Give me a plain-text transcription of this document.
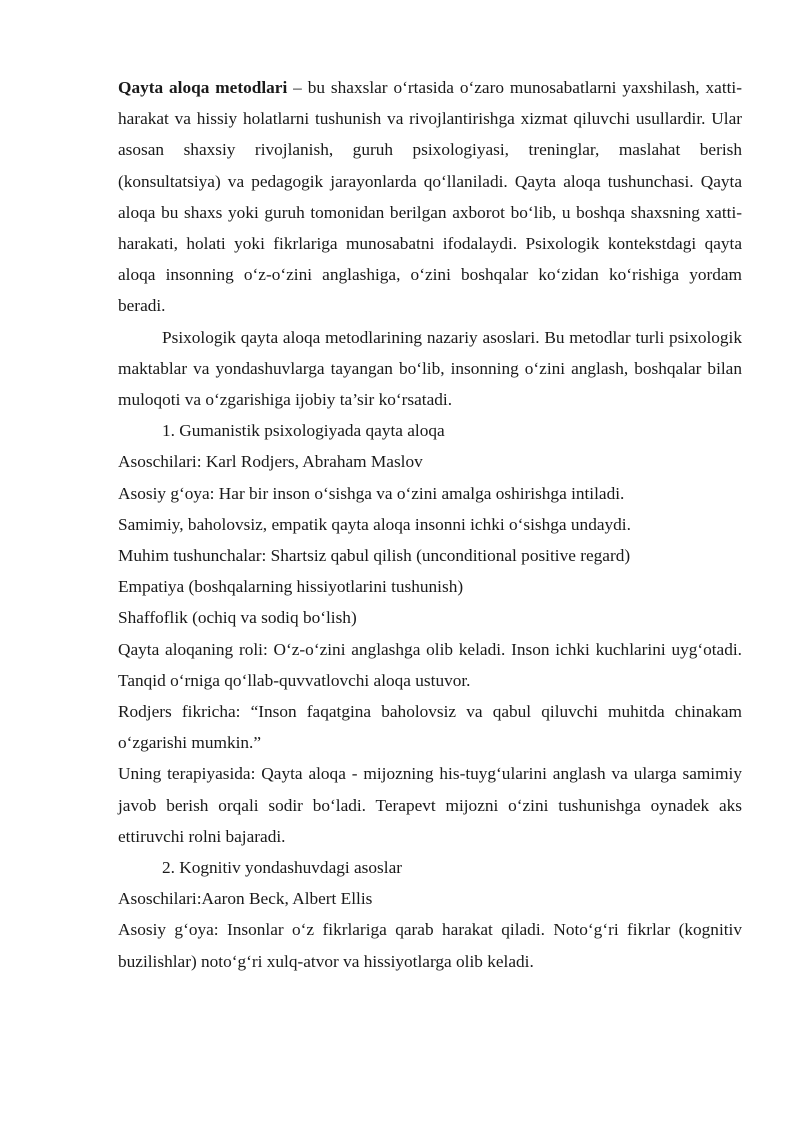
Qayta aloqa metodlari – bu shaxslar o‘rtasida o‘zaro munosabatlarni yaxshilash, xatti-harakat va hissiy holatlarni tushunish va rivojlantirishga xizmat qiluvchi usullardir. Ular asosan shaxsiy rivojlanish, guruh psixologiyasi, treninglar, maslahat berish (konsultatsiya) va pedagogik jarayonlarda qo‘llaniladi. Qayta aloqa tushunchasi. Qayta aloqa bu shaxs yoki guruh tomonidan berilgan axborot bo‘lib, u boshqa shaxsning xatti-harakati, holati yoki fikrlariga munosabatni ifodalaydi. Psixologik kontekstdagi qayta aloqa insonning o‘z-o‘zini anglashiga, o‘zini boshqalar ko‘zidan ko‘rishiga yordam beradi.

Psixologik qayta aloqa metodlarining nazariy asoslari. Bu metodlar turli psixologik maktablar va yondashuvlarga tayangan bo‘lib, insonning o‘zini anglash, boshqalar bilan muloqoti va o‘zgarishiga ijobiy ta’sir ko‘rsatadi.

1. Gumanistik psixologiyada qayta aloqa

Asoschilari: Karl Rodjers, Abraham Maslov

Asosiy g‘oya: Har bir inson o‘sishga va o‘zini amalga oshirishga intiladi.

Samimiy, baholovsiz, empatik qayta aloqa insonni ichki o‘sishga undaydi.

Muhim tushunchalar: Shartsiz qabul qilish (unconditional positive regard)

Empatiya (boshqalarning hissiyotlarini tushunish)

Shaffoflik (ochiq va sodiq bo‘lish)

Qayta aloqaning roli: O‘z-o‘zini anglashga olib keladi. Inson ichki kuchlarini uyg‘otadi. Tanqid o‘rniga qo‘llab-quvvatlovchi aloqa ustuvor.

Rodjers fikricha: “Inson faqatgina baholovsiz va qabul qiluvchi muhitda chinakam o‘zgarishi mumkin.”

Uning terapiyasida: Qayta aloqa - mijozning his-tuyg‘ularini anglash va ularga samimiy javob berish orqali sodir bo‘ladi. Terapevt mijozni o‘zini tushunishga oynadek aks ettiruvchi rolni bajaradi.

2. Kognitiv yondashuvdagi asoslar

Asoschilari:Aaron Beck, Albert Ellis

Asosiy g‘oya: Insonlar o‘z fikrlariga qarab harakat qiladi. Noto‘g‘ri fikrlar (kognitiv buzilishlar) noto‘g‘ri xulq-atvor va hissiyotlarga olib keladi.
